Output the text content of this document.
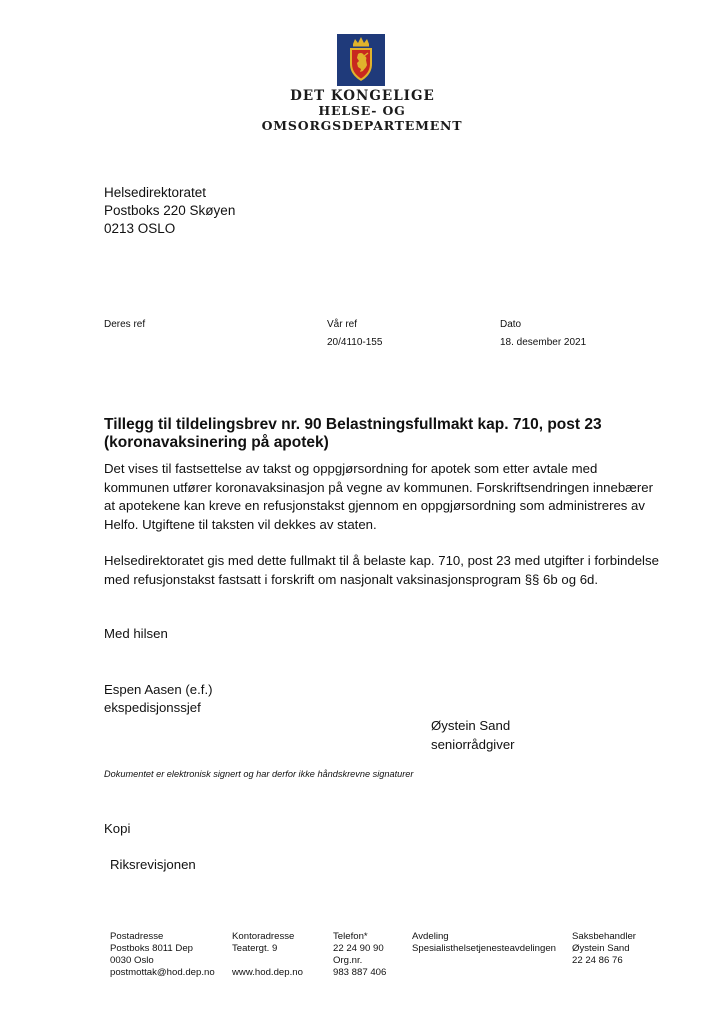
DET KONGELIGE
HELSE- OG OMSORGSDEPARTEMENT
Helsedirektoratet
Postboks 220 Skøyen
0213 OSLO
Deres ref	Vår ref
20/4110-155
Dato
18. desember 2021
Tillegg til tildelingsbrev nr. 90 Belastningsfullmakt kap. 710, post 23
(koronavaksinering på apotek)

Det vises til fastsettelse av takst og oppgjørsordning for apotek som etter avtale med kommunen utfører koronavaksinasjon på vegne av kommunen. Forskriftsendringen innebærer at apotekene kan kreve en refusjonstakst gjennom en oppgjørsordning som administreres av Helfo. Utgiftene til taksten vil dekkes av staten.

Helsedirektoratet gis med dette fullmakt til å belaste kap. 710, post 23 med utgifter i forbindelse med refusjonstakst fastsatt i forskrift om nasjonalt vaksinasjonsprogram §§ 6b og 6d.

Med hilsen
Espen Aasen (e.f.)
ekspedisjonssjef
Øystein Sand
seniorrådgiver
Dokumentet er elektronisk signert og har derfor ikke håndskrevne signaturer
Kopi
Riksrevisjonen
Postadresse
Postboks 8011 Dep
0030 Oslo
postmottak@hod.dep.no
Kontoradresse
Teatergt. 9

www.hod.dep.no
Telefon*
22 24 90 90
Org.nr.
983 887 406
Avdeling
Spesialisthelsetjenesteavdelingen
Saksbehandler
Øystein Sand
22 24 86 76
